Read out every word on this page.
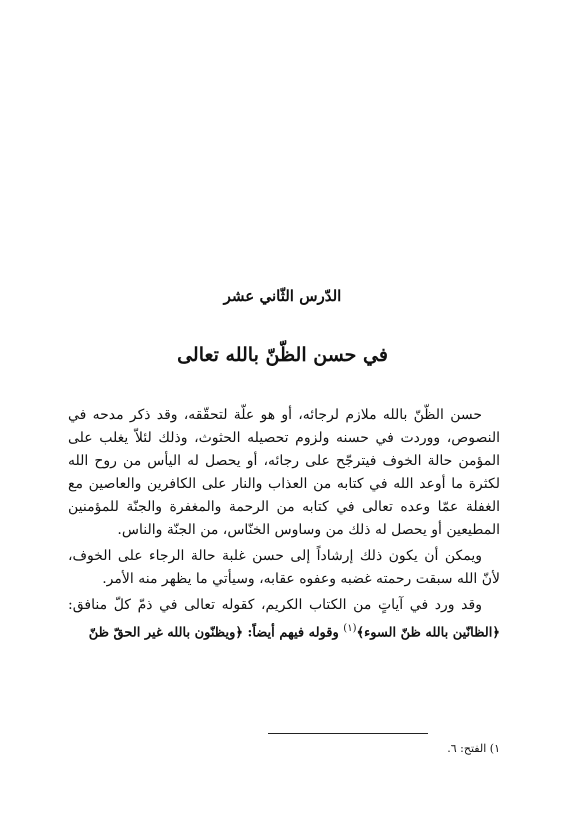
الدّرس الثّاني عشر
في حسن الظّنّ بالله تعالى

حسن الظّنّ بالله ملازم لرجائه، أو هو علّة لتحقّقه، وقد ذكر مدحه في النصوص، ووردت في حسنه ولزوم تحصيله الحثوث، وذلك لئلاّ يغلب على المؤمن حالة الخوف فيترجّح على رجائه، أو يحصل له اليأس من روح الله لكثرة ما أوعد الله في كتابه من العذاب والنار على الكافرين والعاصين مع الغفلة عمّا وعده تعالى في كتابه من الرحمة والمغفرة والجنّة للمؤمنين المطيعين أو يحصل له ذلك من وساوس الخنّاس، من الجنّة والناس.

ويمكن أن يكون ذلك إرشاداً إلى حسن غلبة حالة الرجاء على الخوف، لأنّ الله سبقت رحمته غضبه وعفوه عقابه، وسيأتي ما يظهر منه الأمر.

وقد ورد في آياتٍ من الكتاب الكريم، كقوله تعالى في ذمّ كلّ منافق: ﴿الظانّين بالله ظنّ السوء﴾$^{(١)}$ وقوله فيهم أيضاً: ﴿ويظنّون بالله غير الحقّ ظنّ

١) الفتح: ٦.
